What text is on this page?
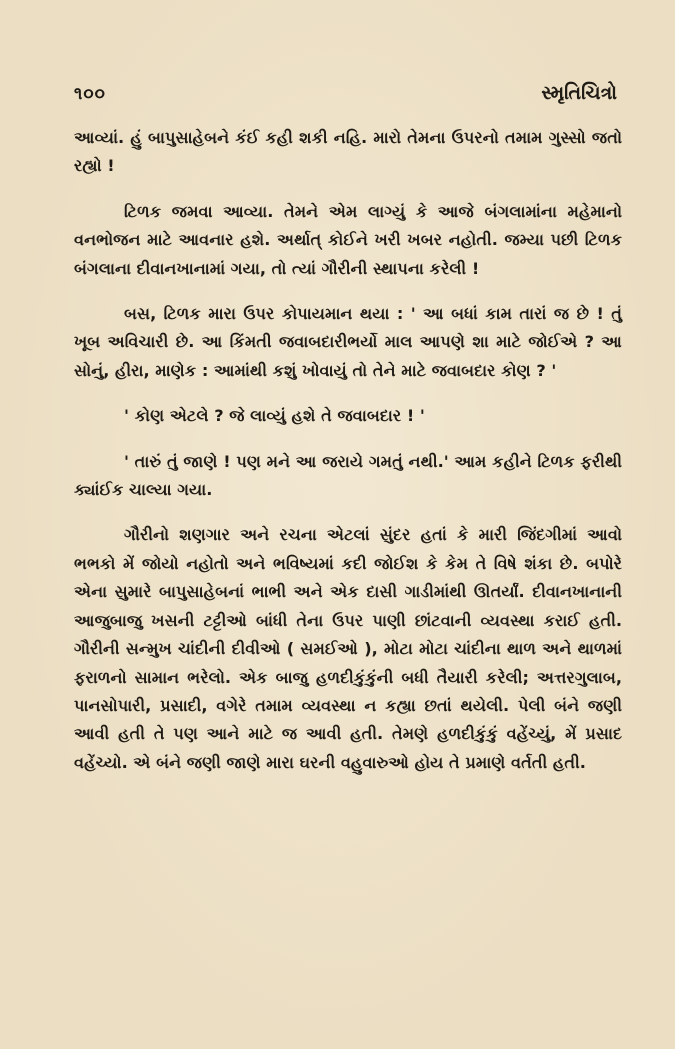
૧૦૦	સ્મૃતિચિત્રો

આવ્યાં. હું બાપુસાહેબને કંઈ કહી શકી નહિ. મારો તેમના ઉપરનો તમામ ગુસ્સો જતો રહ્યો !

ટિળક જમવા આવ્યા. તેમને એમ લાગ્યું કે આજે બંગલામાંના મહેમાનો વનભોજન માટે આવનાર હશે. અર્થાત્ કોઈને ખરી ખબર નહોતી. જમ્યા પછી ટિળક બંગલાના દીવાનખાનામાં ગયા, તો ત્યાં ગૌરીની સ્થાપના કરેલી !

બસ, ટિળક મારા ઉપર કોપાયમાન થયા : ' આ બધાં કામ તારાં જ છે ! તું ખૂબ અવિચારી છે. આ કિંમતી જવાબદારીભર્યો માલ આપણે શા માટે જોઈએ ? આ સોનું, હીરા, માણેક : આમાંથી કશું ખોવાયું તો તેને માટે જવાબદાર કોણ ? '

' કોણ એટલે ? જે લાવ્યું હશે તે જવાબદાર ! '

' તારું તું જાણે ! પણ મને આ જરાયે ગમતું નથી.' આમ કહીને ટિળક ફરીથી ક્યાંઈક ચાલ્યા ગયા.

ગૌરીનો શણગાર અને રચના એટલાં સુંદર હતાં કે મારી જિંદગીમાં આવો ભભકો મેં જોયો નહોતો અને ભવિષ્યમાં કદી જોઈશ કે કેમ તે વિષે શંકા છે. બપોરે એના સુમારે બાપુસાહેબનાં ભાભી અને એક દાસી ગાડીમાંથી ઊતર્યાં. દીવાનખાનાની આજુબાજુ ખસની ટટ્ટીઓ બાંધી તેના ઉપર પાણી છાંટવાની વ્યવસ્થા કરાઈ હતી. ગૌરીની સન્મુખ ચાંદીની દીવીઓ ( સમઈઓ ), મોટા મોટા ચાંદીના થાળ અને થાળમાં ફરાળનો સામાન ભરેલો. એક બાજુ હળદીકુંકુંની બધી તૈયારી કરેલી; અત્તરગુલાબ, પાનસોપારી, પ્રસાદી, વગેરે તમામ વ્યવસ્થા ન કહ્યા છતાં થયેલી. પેલી બંને જણી આવી હતી તે પણ આને માટે જ આવી હતી. તેમણે હળદીકુંકું વહેંચ્યું, મેં પ્રસાદ વહેંચ્યો. એ બંને જણી જાણે મારા ઘરની વહુવારુઓ હોય તે પ્રમાણે વર્તતી હતી.
